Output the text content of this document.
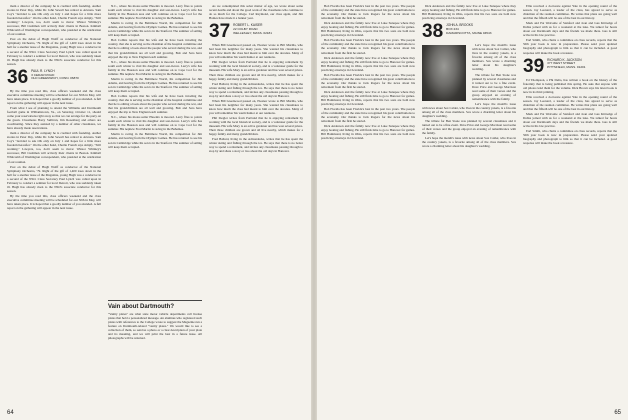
main a director of the company he is credited with founding. Author stories in Peter Day, while Dr. John Sewell has retired to Arizona. Sam Coy's "decided to ask OK only on July 1 and hopes for a little more freedom hereafter." On the other hand, Charlie French says simply, "Still working." Lawyers, too, don't seem to move: Winsor Whitney's successor, Bill Cushman will actively their clients in Boston. Kimball Whitcomb of Washington correspondent, who presided at the celebration of our reunion.

Post on the debut of Hugh Wolff as conductor of the National Symphony Orchestra, '79. Right of the gift of 1,400 trees down in the hall for a another issue of the Magazine, young Hugh was a conductor in a second of the NSO. Class Secretary Paul Lynch was called upon in February to conduct a seminar for local Detroit, who was suddenly taken ill. Hugh has already risen to the NSO's associate conductor for this season.

36 PAUL R. LYNCH
3 CEDAR ROAD
OLD GREENWICH, CONN. 06870

By the time you read this, class officers weekend and the class executive committee meeting will be scheduled for our 50th in May, will have taken place. It is hoped that a goodly number of you attended. A full report on the gathering will appear in the next issue.

From what I see of planning to attend the Williams and Dartmouth football game in Williamstown, Va., on Saturday, October 11, should come your reservations right away so that we can arrange for the party on the green. Classmates Barry Sullivan, Jim Rosenberg and others are coordinating. Since they assisted by a number of other classmates, we have already made reservations.

main a director of the company he is credited with founding. Author stories in Peter Day, while Dr. John Sewell has retired to Arizona. Sam Coy's "decided to ask OK only on July 1 and hopes for a little more freedom hereafter." On the other hand, Charlie French says simply, "Still working." Lawyers, too, don't seem to move: Winsor Whitney's successor, Bill Cushman will actively their clients in Boston. Kimball Whitcomb of Washington correspondent, who presided at the celebration of our reunion.

Post on the debut of Hugh Wolff as conductor of the National Symphony Orchestra, '79. Right of the gift of 1,400 trees down in the hall for a another issue of the Magazine, young Hugh was a conductor in a second of the NSO. Class Secretary Paul Lynch was called upon in February to conduct a seminar for local Detroit, who was suddenly taken ill. Hugh has already risen to the NSO's associate conductor for this season.

By the time you read this, class officers weekend and the class executive committee meeting will be scheduled for our 50th in May, will have taken place. It is hoped that a goodly number of you attended. A full report on the gathering will appear in the next issue.

N.C., where his motor-sailer Phoenix is moored. Larry flies to points south each winter to visit his daughter and son-in-law. Larry's wife has family in the Houston area and will continue on to Cape Cod for the summer. His nephew Fred Martin is racing in the Bahamas.

Martin is racing in the Baltimore World, his competition for Jim Adams, and leaving from the Olympic Games. He has returned to see his son in Cambridge while his son is in the Stanford. The summer of sailing will keep them occupied.

Bob Collins reports that his wife and he have been traveling the country, that she is serving as the chairman of the hospital committee and that he is editing a book about the people who served during the war, and that his grandchildren are all well and growing. Bob and Sara have enjoyed the trip to New England each summer.

N.C., where his motor-sailer Phoenix is moored. Larry flies to points south each winter to visit his daughter and son-in-law. Larry's wife has family in the Houston area and will continue on to Cape Cod for the summer. His nephew Fred Martin is racing in the Bahamas.

Martin is racing in the Baltimore World, his competition for Jim Adams, and leaving from the Olympic Games. He has returned to see his son in Cambridge while his son is in the Stanford. The summer of sailing will keep them occupied.

Bob Collins reports that his wife and he have been traveling the country, that she is serving as the chairman of the hospital committee and that he is editing a book about the people who served during the war, and that his grandchildren are all well and growing. Bob and Sara have enjoyed the trip to New England each summer.

N.C., where his motor-sailer Phoenix is moored. Larry flies to points south each winter to visit his daughter and son-in-law. Larry's wife has family in the Houston area and will continue on to Cape Cod for the summer. His nephew Fred Martin is racing in the Bahamas.

Martin is racing in the Baltimore World, his competition for Jim Adams, and leaving from the Olympic Games. He has returned to see his son in Cambridge while his son is in the Stanford. The summer of sailing will keep them occupied.

Vain about Dartmouth?
"Vanity plates" are what state motor vehicle departments call license plates that hold a personalized message. An alumnus who registered such plates with references to the College wrote to suggest the Magazine run a feature on Dartmouth-related "vanity plates." We would like to see a collection of them, so send us a photo or a clear description of your plate and its meaning, and we will print the best in a future issue. All photographs will be returned.

As we contemplated this sober matter of age, we wrote about some recent deaths and about the good work of the classmates who continue to do so much for the College. Carl Raymond, our class agent, and Jim Haines have made it a banner year.

37 ROBERT L. KAISER
22 COLBY ROAD
WELLESLEY, MASS. 02181

When Bill Greenwood passed on, Eleanor wrote to Bill Murtha, who had been his neighbor for many years. She wanted his classmates to know how much the class had meant to him over the decades. Many of you will remember his warm humor at our reunions.

Phil Ziegler writes from Portland that he is enjoying retirement by working with the local historical society, and is a volunteer guide for the museum. His wife Mary is an active gardener and has won several prizes. Their three children are grown and all live nearby, which makes for a happy family and many grandchildren.

Fred Ballard, living in the Adirondacks, writes that he has spent the winter skiing and fishing through the ice. He says that there is no better way to spend a retirement, and invites any classmates passing through to stop by and share a story or two about the old days in Hanover.

When Bill Greenwood passed on, Eleanor wrote to Bill Murtha, who had been his neighbor for many years. She wanted his classmates to know how much the class had meant to him over the decades. Many of you will remember his warm humor at our reunions.

Phil Ziegler writes from Portland that he is enjoying retirement by working with the local historical society, and is a volunteer guide for the museum. His wife Mary is an active gardener and has won several prizes. Their three children are grown and all live nearby, which makes for a happy family and many grandchildren.

Fred Ballard, living in the Adirondacks, writes that he has spent the winter skiing and fishing through the ice. He says that there is no better way to spend a retirement, and invites any classmates passing through to stop by and share a story or two about the old days in Hanover.

64

Bob Florida has been Florida's best in the past two years. The people of the community and the state have recognized his great contributions to the economy. Our thanks to Jack Rogers for the news about his retirement from the firm he started.

Dick Anderson and the family now live at Lake Sunapee where they enjoy boating and fishing. He still finds time to go to Hanover for games. Bill Hammond, living in Ohio, reports that his two sons are both now practicing attorneys in Cleveland.

Bob Florida has been Florida's best in the past two years. The people of the community and the state have recognized his great contributions to the economy. Our thanks to Jack Rogers for the news about his retirement from the firm he started.

Dick Anderson and the family now live at Lake Sunapee where they enjoy boating and fishing. He still finds time to go to Hanover for games. Bill Hammond, living in Ohio, reports that his two sons are both now practicing attorneys in Cleveland.

Bob Florida has been Florida's best in the past two years. The people of the community and the state have recognized his great contributions to the economy. Our thanks to Jack Rogers for the news about his retirement from the firm he started.

Dick Anderson and the family now live at Lake Sunapee where they enjoy boating and fishing. He still finds time to go to Hanover for games. Bill Hammond, living in Ohio, reports that his two sons are both now practicing attorneys in Cleveland.

Bob Florida has been Florida's best in the past two years. The people of the community and the state have recognized his great contributions to the economy. Our thanks to Jack Rogers for the news about his retirement from the firm he started.

Dick Anderson and the family now live at Lake Sunapee where they enjoy boating and fishing. He still finds time to go to Hanover for games. Bill Hammond, living in Ohio, reports that his two sons are both now practicing attorneys in Cleveland.

Dick Anderson and the family now live at Lake Sunapee where they enjoy boating and fishing. He still finds time to go to Hanover for games. Bill Hammond, living in Ohio, reports that his two sons are both now practicing attorneys in Cleveland.

38 JOHN A. BROOKS
BOX 234
DAMARISCOTTA, MAINE 04543

Let's hope the month's issue with news about Sox Calder, who lives in the country yokels, is a favorite among all of the class members. Sox wrote a charming letter about his daughter's wedding.

The tribute for Ben Stone was planned by several classmates and it turned out to be a fine event. Dave Price and George Morrison read some of their verses and the group enjoyed an evening of remembrance with the family.

Let's hope the month's issue with news about Sox Calder, who lives in the country yokels, is a favorite among all of the class members. Sox wrote a charming letter about his daughter's wedding.

The tribute for Ben Stone was planned by several classmates and it turned out to be a fine event. Dave Price and George Morrison read some of their verses and the group enjoyed an evening of remembrance with the family.

Let's hope the month's issue with news about Sox Calder, who lives in the country yokels, is a favorite among all of the class members. Sox wrote a charming letter about his daughter's wedding.

Ellie received a doctorate against Yale in the opening round of the season. Jay Leonard, a leader of the class, has agreed to serve as chairman of the reunion committee. He writes that plans are going well and that the fiftieth will be one of the best in our history.

Mark and Pat Welcome of Stanford and Joan and Gus Kittredge of Dallas joined with us for a weekend at the lake. We talked for hours about our Dartmouth days and the friends we made there. Gus is still active in his law practice.

Earl Smith, who chairs a committee on class records, reports that the 50th year book is now in preparation. Please send your updated biography and photograph to him so that it can be included. A good response will make the book a treasure.

39 RICHARD K. JACKSON
377 WEST STREET
PITTSFIELD, MASS. 01201

Ed Thompson, a Phi Delta, has written a book on the history of the fraternity that is being published this spring. He asks that anyone with old photos lend them for the volume. Dick Brown says his latest book is now in its third printing.

Ellie received a doctorate against Yale in the opening round of the season. Jay Leonard, a leader of the class, has agreed to serve as chairman of the reunion committee. He writes that plans are going well and that the fiftieth will be one of the best in our history.

Mark and Pat Welcome of Stanford and Joan and Gus Kittredge of Dallas joined with us for a weekend at the lake. We talked for hours about our Dartmouth days and the friends we made there. Gus is still active in his law practice.

Earl Smith, who chairs a committee on class records, reports that the 50th year book is now in preparation. Please send your updated biography and photograph to him so that it can be included. A good response will make the book a treasure.

65
